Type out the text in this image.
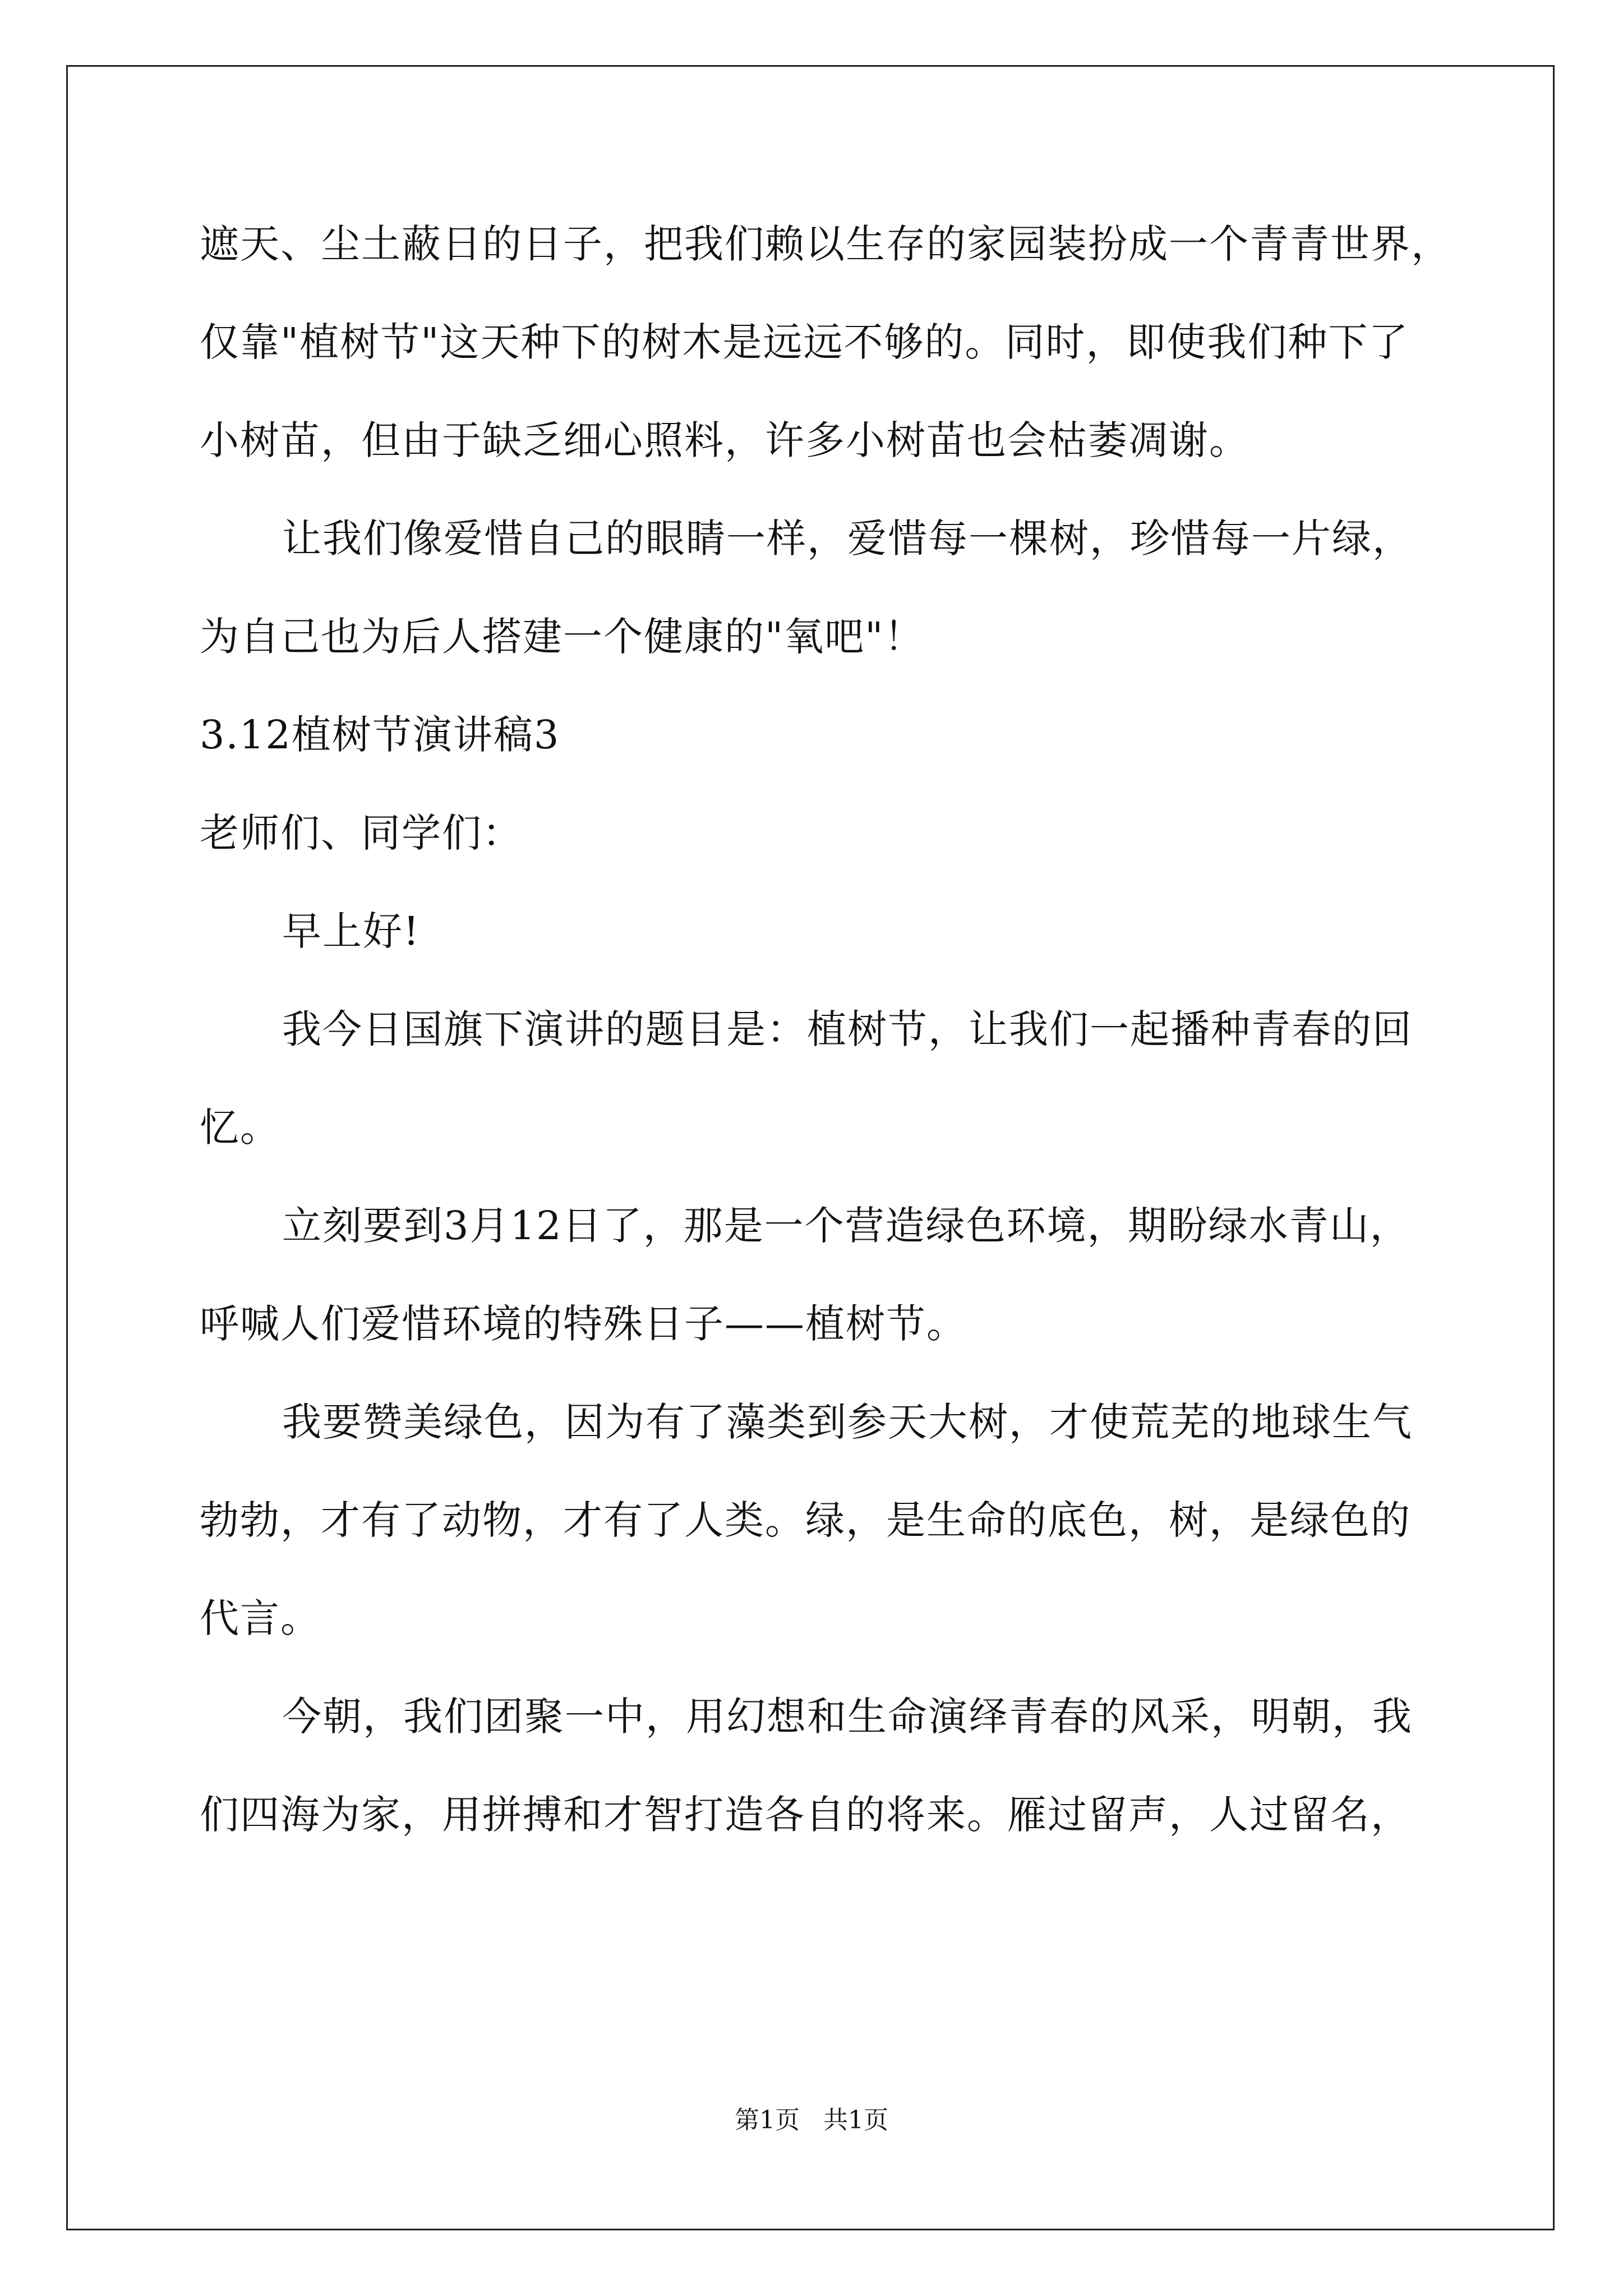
遮天、尘土蔽日的日子，把我们赖以生存的家园装扮成一个青青世界，
仅靠"植树节"这天种下的树木是远远不够的。同时，即使我们种下了
小树苗，但由于缺乏细心照料，许多小树苗也会枯萎凋谢。
让我们像爱惜自己的眼睛一样，爱惜每一棵树，珍惜每一片绿，
为自己也为后人搭建一个健康的"氧吧"！
3.12植树节演讲稿3
老师们、同学们：
早上好!
我今日国旗下演讲的题目是：植树节，让我们一起播种青春的回
忆。
立刻要到3月12日了，那是一个营造绿色环境，期盼绿水青山，
呼喊人们爱惜环境的特殊日子——植树节。
我要赞美绿色，因为有了藻类到参天大树，才使荒芜的地球生气
勃勃，才有了动物，才有了人类。绿，是生命的底色，树，是绿色的
代言。
今朝，我们团聚一中，用幻想和生命演绎青春的风采，明朝，我
们四海为家，用拼搏和才智打造各自的将来。雁过留声，人过留名，
第1页   共1页
